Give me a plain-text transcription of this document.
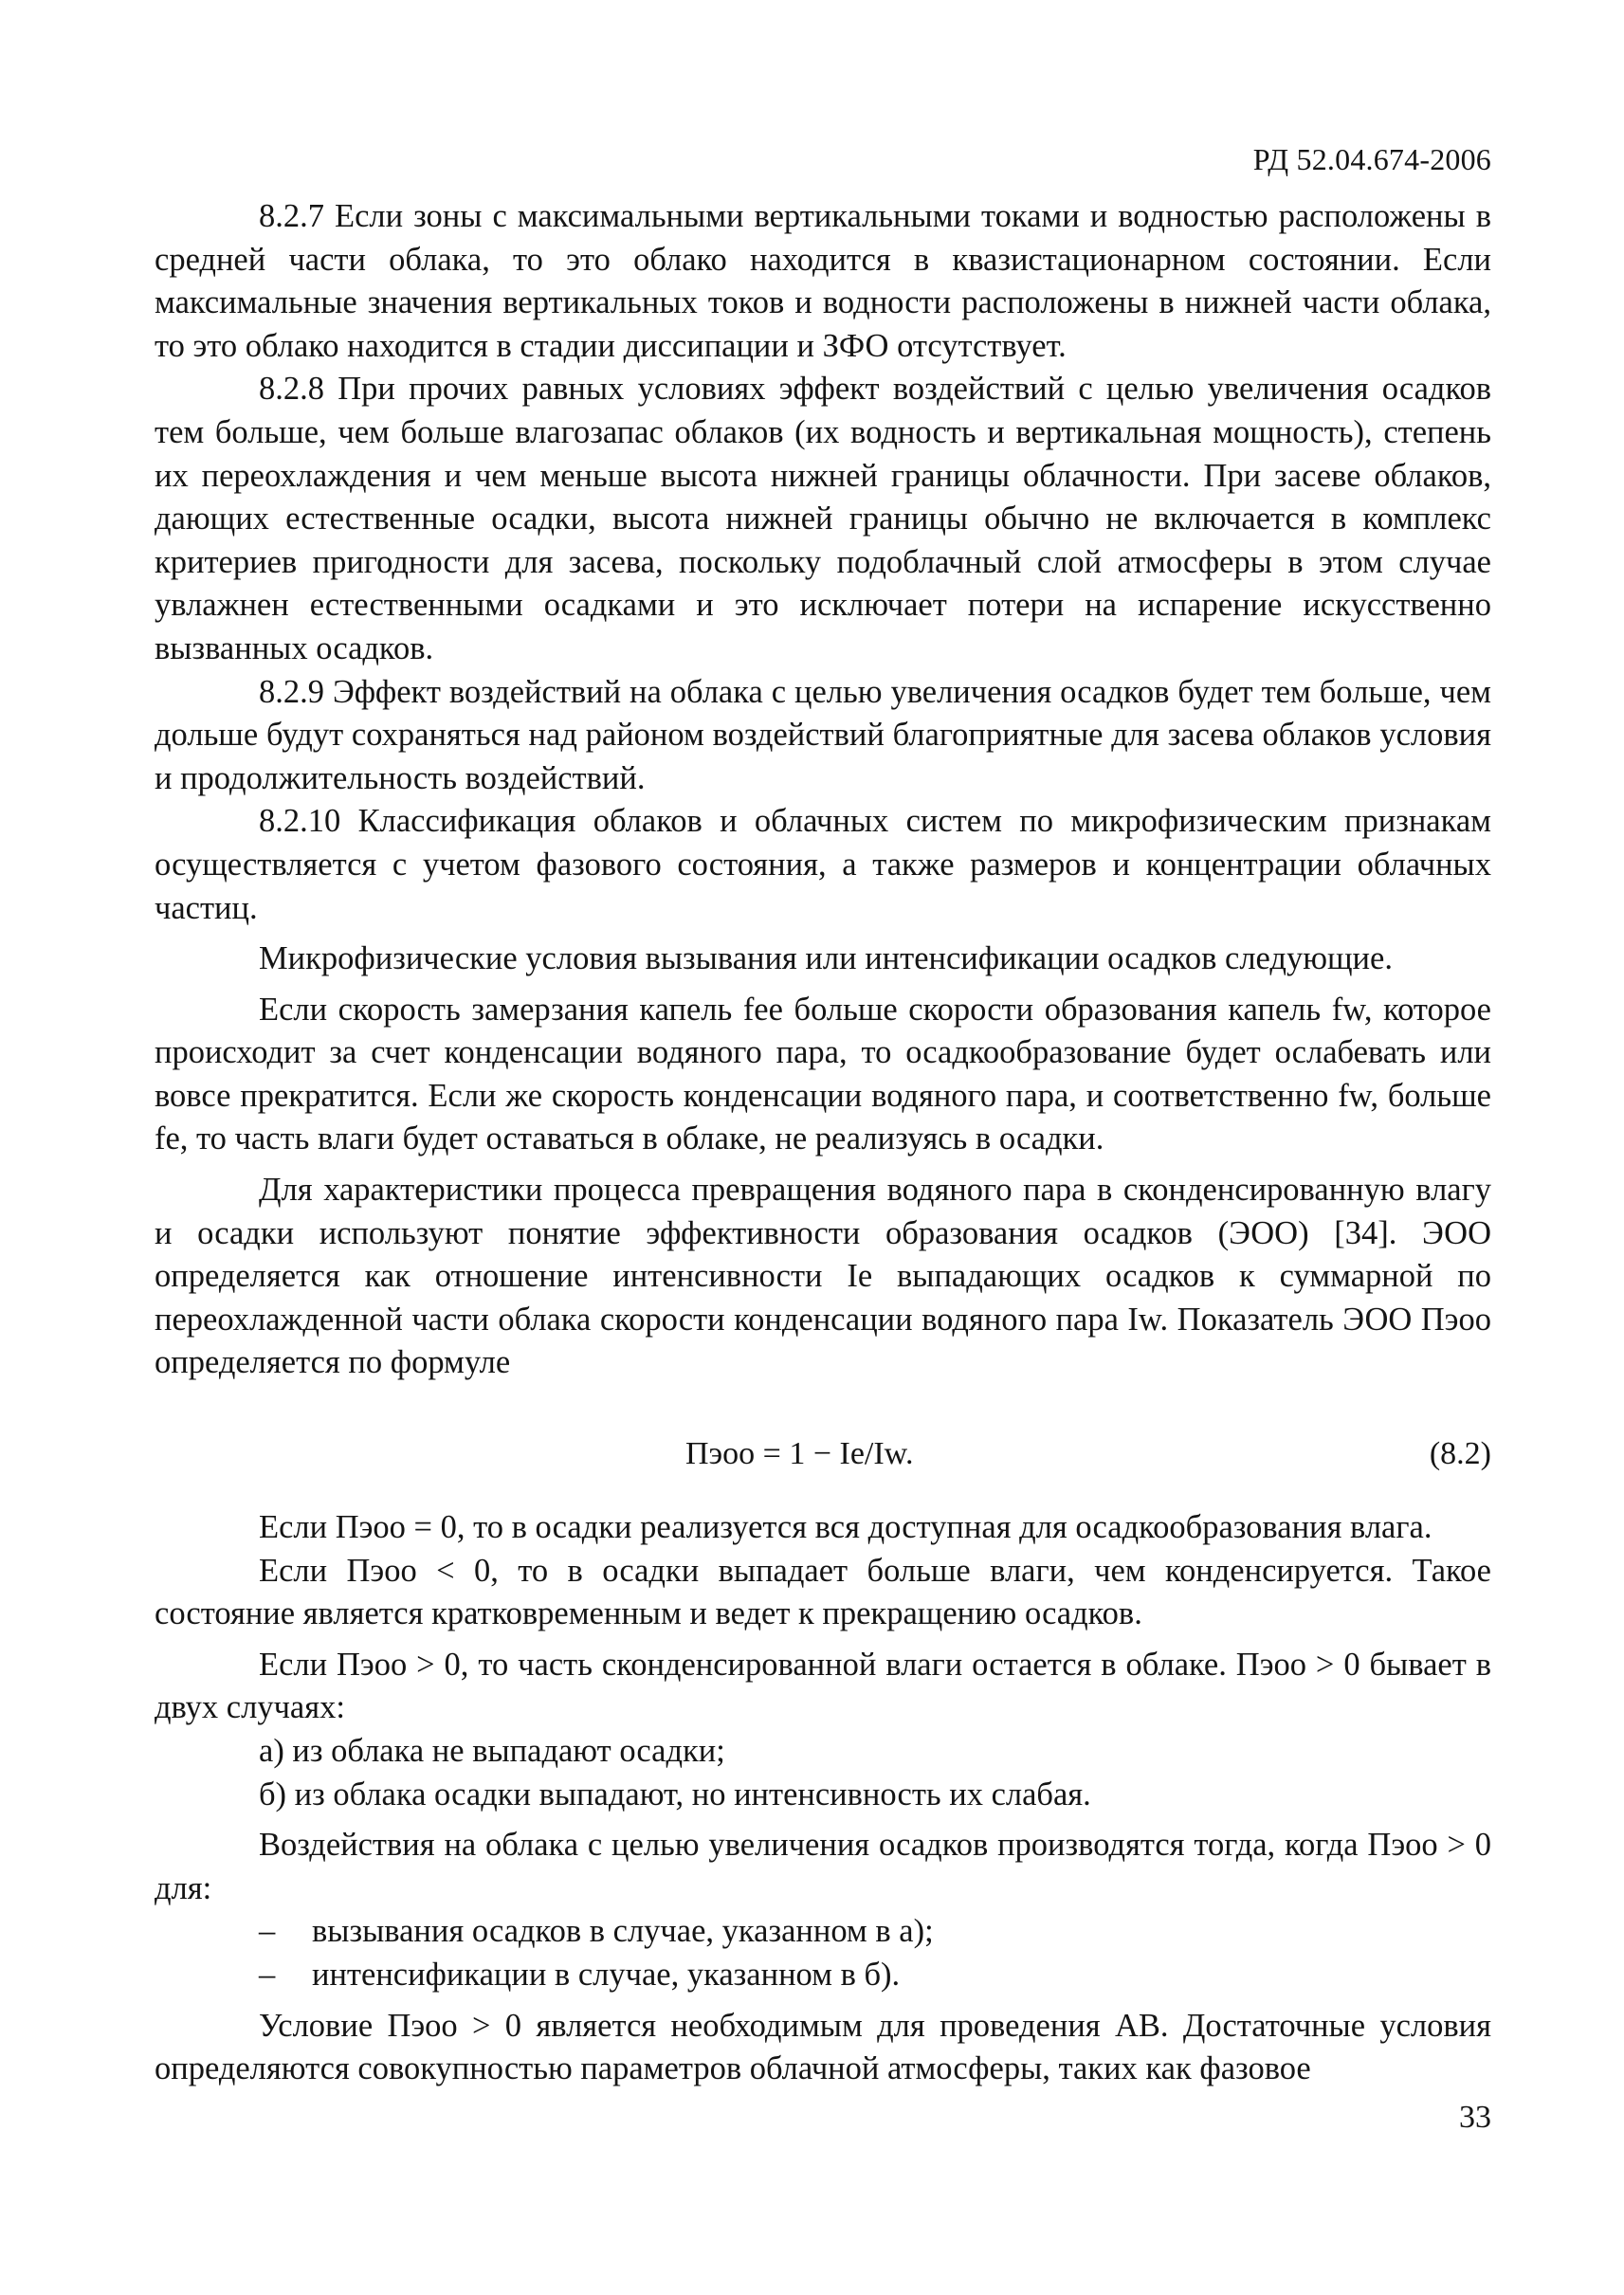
РД 52.04.674-2006

8.2.7 Если зоны с максимальными вертикальными токами и водностью расположены в средней части облака, то это облако находится в квазистационарном состоянии. Если максимальные значения вертикальных токов и водности расположены в нижней части облака, то это облако находится в стадии диссипации и ЗФО отсутствует.

8.2.8 При прочих равных условиях эффект воздействий с целью увеличения осадков тем больше, чем больше влагозапас облаков (их водность и вертикальная мощность), степень их переохлаждения и чем меньше высота нижней границы облачности. При засеве облаков, дающих естественные осадки, высота нижней границы обычно не включается в комплекс критериев пригодности для засева, поскольку подоблачный слой атмосферы в этом случае увлажнен естественными осадками и это исключает потери на испарение искусственно вызванных осадков.

8.2.9 Эффект воздействий на облака с целью увеличения осадков будет тем больше, чем дольше будут сохраняться над районом воздействий благоприятные для засева облаков условия и продолжительность воздействий.

8.2.10 Классификация облаков и облачных систем по микрофизическим признакам осуществляется с учетом фазового состояния, а также размеров и концентрации облачных частиц.

Микрофизические условия вызывания или интенсификации осадков следующие.

Если скорость замерзания капель fee больше скорости образования капель fw, которое происходит за счет конденсации водяного пара, то осадкообразование будет ослабевать или вовсе прекратится. Если же скорость конденсации водяного пара, и соответственно fw, больше fe, то часть влаги будет оставаться в облаке, не реализуясь в осадки.

Для характеристики процесса превращения водяного пара в сконденсированную влагу и осадки используют понятие эффективности образования осадков (ЭОО) [34]. ЭОО определяется как отношение интенсивности Ie выпадающих осадков к суммарной по переохлажденной части облака скорости конденсации водяного пара Iw. Показатель ЭОО Пэоо определяется по формуле

Пэоо = 1 − Ie/Iw.	(8.2)

Если Пэоо = 0, то в осадки реализуется вся доступная для осадкообразования влага.

Если Пэоо < 0, то в осадки выпадает больше влаги, чем конденсируется. Такое состояние является кратковременным и ведет к прекращению осадков.

Если Пэоо > 0, то часть сконденсированной влаги остается в облаке. Пэоо > 0 бывает в двух случаях:

а) из облака не выпадают осадки;

б) из облака осадки выпадают, но интенсивность их слабая.

Воздействия на облака с целью увеличения осадков производятся тогда, когда Пэоо > 0 для:

– вызывания осадков в случае, указанном в а);

– интенсификации в случае, указанном в б).

Условие Пэоо > 0 является необходимым для проведения АВ. Достаточные условия определяются совокупностью параметров облачной атмосферы, таких как фазовое

33
